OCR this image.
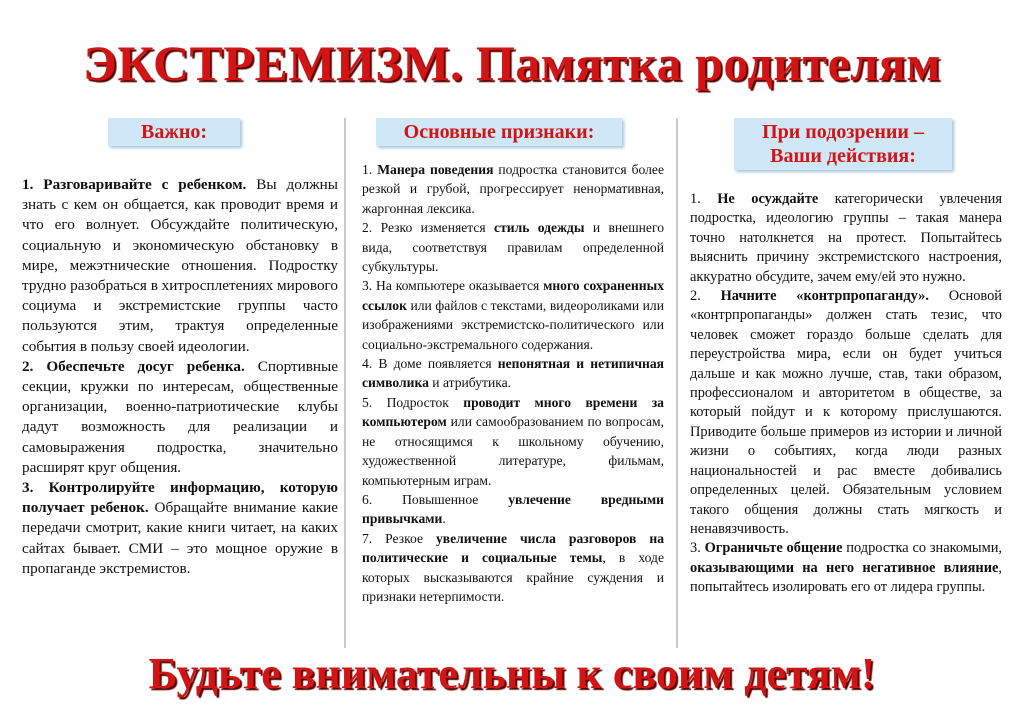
ЭКСТРЕМИЗМ. Памятка родителям
Важно:

1. Разговаривайте с ребенком. Вы должны знать с кем он общается, как проводит время и что его волнует. Обсуждайте политическую, социальную и экономическую обстановку в мире, межэтнические отношения. Подростку трудно разобраться в хитросплетениях мирового социума и экстремистские группы часто пользуются этим, трактуя определенные события в пользу своей идеологии.

2. Обеспечьте досуг ребенка. Спортивные секции, кружки по интересам, общественные организации, военно-патриотические клубы дадут возможность для реализации и самовыражения подростка, значительно расширят круг общения.

3. Контролируйте информацию, которую получает ребенок. Обращайте внимание какие передачи смотрит, какие книги читает, на каких сайтах бывает. СМИ – это мощное оружие в пропаганде экстремистов.

Основные признаки:

1. Манера поведения подростка становится более резкой и грубой, прогрессирует ненормативная, жаргонная лексика.

2. Резко изменяется стиль одежды и внешнего вида, соответствуя правилам определенной субкультуры.

3. На компьютере оказывается много сохраненных ссылок или файлов с текстами, видеороликами или изображениями экстремистско-политического или социально-экстремального содержания.

4. В доме появляется непонятная и нетипичная символика и атрибутика.

5. Подросток проводит много времени за компьютером или самообразованием по вопросам, не относящимся к школьному обучению, художественной литературе, фильмам, компьютерным играм.

6. Повышенное увлечение вредными привычками.

7. Резкое увеличение числа разговоров на политические и социальные темы, в ходе которых высказываются крайние суждения и признаки нетерпимости.

При подозрении – Ваши действия:

1. Не осуждайте категорически увлечения подростка, идеологию группы – такая манера точно натолкнется на протест. Попытайтесь выяснить причину экстремистского настроения, аккуратно обсудите, зачем ему/ей это нужно.

2. Начните «контрпропаганду». Основой «контрпропаганды» должен стать тезис, что человек сможет гораздо больше сделать для переустройства мира, если он будет учиться дальше и как можно лучше, став, таки образом, профессионалом и авторитетом в обществе, за который пойдут и к которому прислушаются. Приводите больше примеров из истории и личной жизни о событиях, когда люди разных национальностей и рас вместе добивались определенных целей. Обязательным условием такого общения должны стать мягкость и ненавязчивость.

3. Ограничьте общение подростка со знакомыми, оказывающими на него негативное влияние, попытайтесь изолировать его от лидера группы.

Будьте внимательны к своим детям!
